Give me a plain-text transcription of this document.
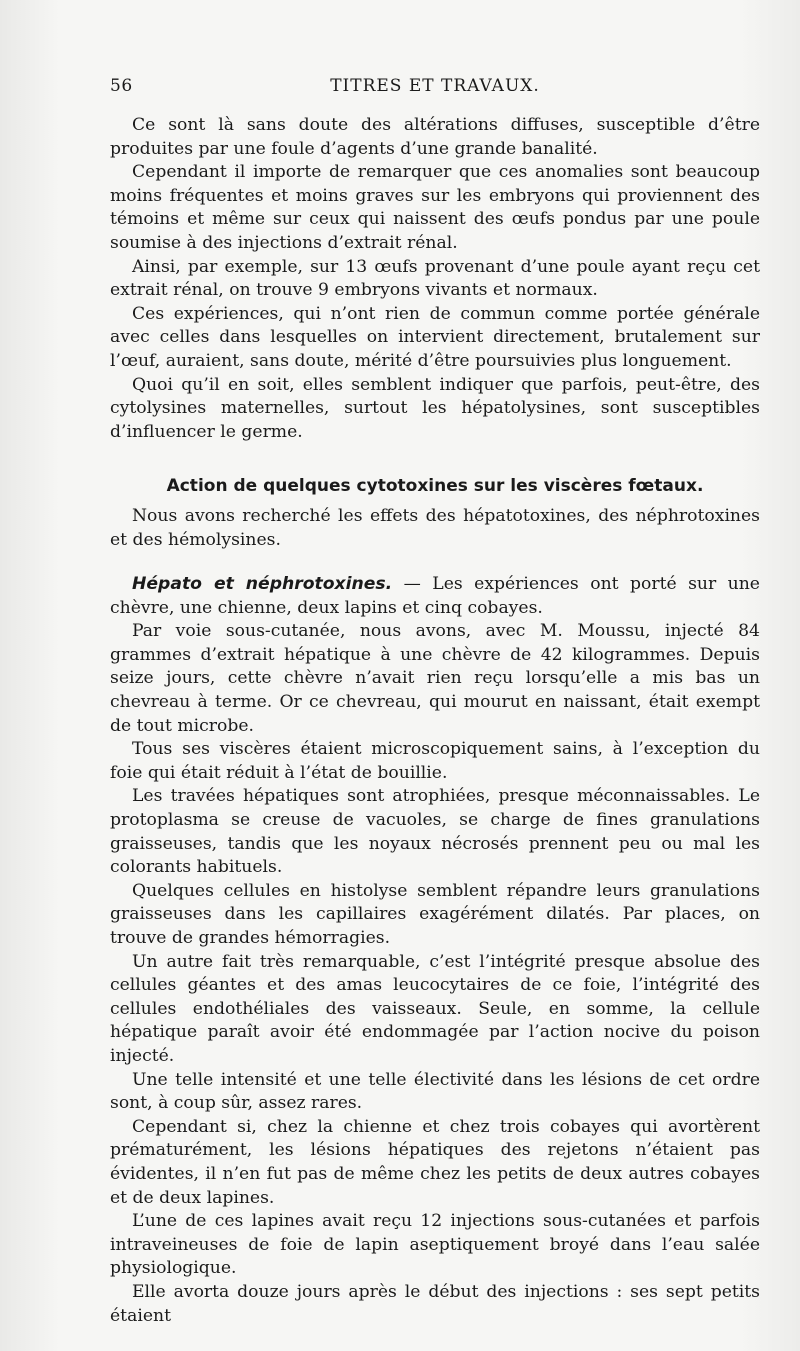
56	TITRES ET TRAVAUX.

Ce sont là sans doute des altérations diffuses, susceptible d’être produites par une foule d’agents d’une grande banalité.

Cependant il importe de remarquer que ces anomalies sont beaucoup moins fréquentes et moins graves sur les embryons qui proviennent des témoins et même sur ceux qui naissent des œufs pondus par une poule soumise à des injections d’extrait rénal.

Ainsi, par exemple, sur 13 œufs provenant d’une poule ayant reçu cet extrait rénal, on trouve 9 embryons vivants et normaux.

Ces expériences, qui n’ont rien de commun comme portée générale avec celles dans lesquelles on intervient directement, brutalement sur l’œuf, auraient, sans doute, mérité d’être poursuivies plus longuement.

Quoi qu’il en soit, elles semblent indiquer que parfois, peut-être, des cytolysines maternelles, surtout les hépatolysines, sont susceptibles d’influencer le germe.

Action de quelques cytotoxines sur les viscères fœtaux.

Nous avons recherché les effets des hépatotoxines, des néphrotoxines et des hémolysines.

Hépato et néphrotoxines. — Les expériences ont porté sur une chèvre, une chienne, deux lapins et cinq cobayes.

Par voie sous-cutanée, nous avons, avec M. Moussu, injecté 84 grammes d’extrait hépatique à une chèvre de 42 kilogrammes. Depuis seize jours, cette chèvre n’avait rien reçu lorsqu’elle a mis bas un chevreau à terme. Or ce chevreau, qui mourut en naissant, était exempt de tout microbe.

Tous ses viscères étaient microscopiquement sains, à l’exception du foie qui était réduit à l’état de bouillie.

Les travées hépatiques sont atrophiées, presque méconnaissables. Le protoplasma se creuse de vacuoles, se charge de fines granulations graisseuses, tandis que les noyaux nécrosés prennent peu ou mal les colorants habituels.

Quelques cellules en histolyse semblent répandre leurs granulations graisseuses dans les capillaires exagérément dilatés. Par places, on trouve de grandes hémorragies.

Un autre fait très remarquable, c’est l’intégrité presque absolue des cellules géantes et des amas leucocytaires de ce foie, l’intégrité des cellules endothéliales des vaisseaux. Seule, en somme, la cellule hépatique paraît avoir été endommagée par l’action nocive du poison injecté.

Une telle intensité et une telle électivité dans les lésions de cet ordre sont, à coup sûr, assez rares.

Cependant si, chez la chienne et chez trois cobayes qui avortèrent prématurément, les lésions hépatiques des rejetons n’étaient pas évidentes, il n’en fut pas de même chez les petits de deux autres cobayes et de deux lapines.

L’une de ces lapines avait reçu 12 injections sous-cutanées et parfois intraveineuses de foie de lapin aseptiquement broyé dans l’eau salée physiologique.

Elle avorta douze jours après le début des injections : ses sept petits étaient
